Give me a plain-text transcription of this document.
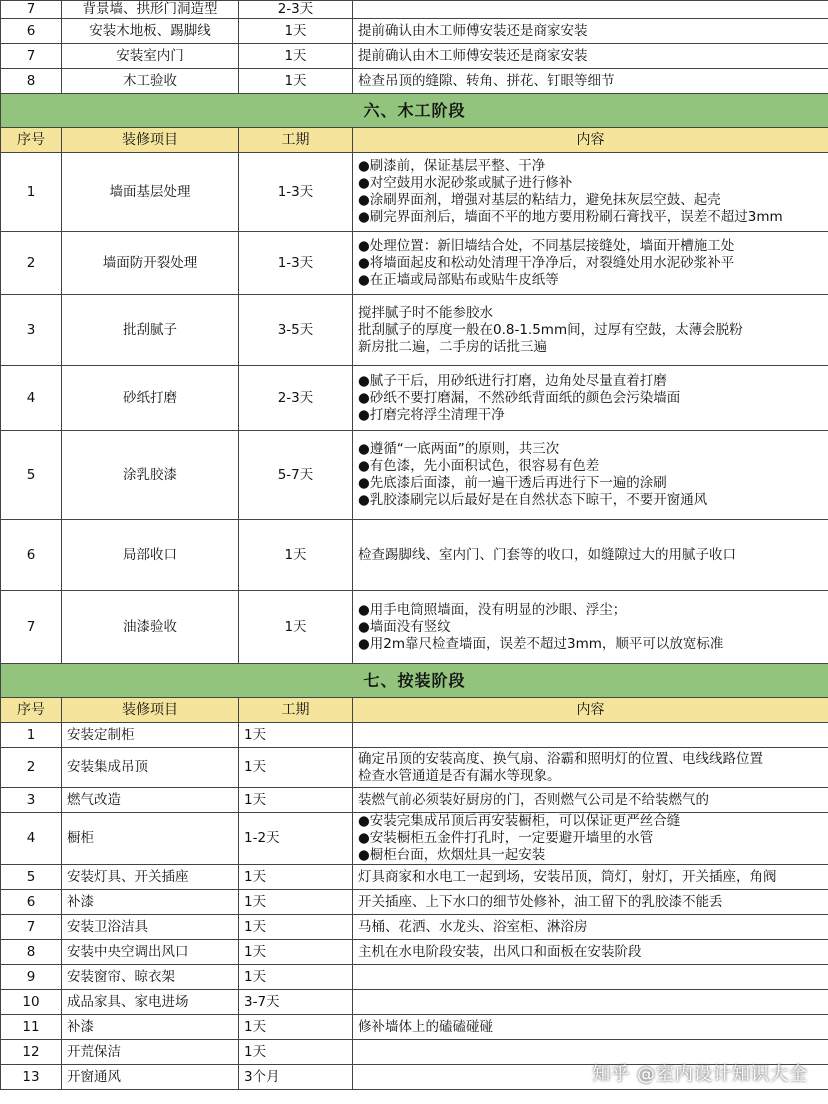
7	背景墙、拱形门洞造型	2-3天	
6	安装木地板、踢脚线	1天	提前确认由木工师傅安装还是商家安装

7	安装室内门	1天	提前确认由木工师傅安装还是商家安装

8	木工验收	1天	检查吊顶的缝隙、转角、拼花、钉眼等细节

六、木工阶段			
序号	装修项目	工期	内容
1	墙面基层处理	1-3天	●刷漆前，保证基层平整、干净
●对空鼓用水泥砂浆或腻子进行修补
●涂刷界面剂，增强对基层的粘结力，避免抹灰层空鼓、起壳
●刷完界面剂后，墙面不平的地方要用粉刷石膏找平，误差不超过3mm

2	墙面防开裂处理	1-3天	●处理位置：新旧墙结合处，不同基层接缝处，墙面开槽施工处
●将墙面起皮和松动处清理干净净后，对裂缝处用水泥砂浆补平
●在正墙或局部贴布或贴牛皮纸等

3	批刮腻子	3-5天	搅拌腻子时不能参胶水
批刮腻子的厚度一般在0.8-1.5mm间，过厚有空鼓，太薄会脱粉
新房批二遍，二手房的话批三遍

4	砂纸打磨	2-3天	●腻子干后，用砂纸进行打磨，边角处尽量直着打磨
●砂纸不要打磨漏，不然砂纸背面纸的颜色会污染墙面
●打磨完将浮尘清理干净

5	涂乳胶漆	5-7天	●遵循“一底两面”的原则，共三次
●有色漆，先小面积试色，很容易有色差
●先底漆后面漆，前一遍干透后再进行下一遍的涂刷
●乳胶漆刷完以后最好是在自然状态下晾干，不要开窗通风

6	局部收口	1天	检查踢脚线、室内门、门套等的收口，如缝隙过大的用腻子收口

7	油漆验收	1天	●用手电筒照墙面，没有明显的沙眼、浮尘；
●墙面没有竖纹
●用2m靠尺检查墙面，误差不超过3mm，顺平可以放宽标准

七、按装阶段			
序号	装修项目	工期	内容
1	安装定制柜	1天	
2	安装集成吊顶	1天	确定吊顶的安装高度、换气扇、浴霸和照明灯的位置、电线线路位置
检查水管通道是否有漏水等现象。

3	燃气改造	1天	装燃气前必须装好厨房的门，否则燃气公司是不给装燃气的

4	橱柜	1-2天	●安装完集成吊顶后再安装橱柜，可以保证更严丝合缝
●安装橱柜五金件打孔时，一定要避开墙里的水管
●橱柜台面，炊烟灶具一起安装

5	安装灯具、开关插座	1天	灯具商家和水电工一起到场，安装吊顶，筒灯，射灯，开关插座，角阀

6	补漆	1天	开关插座、上下水口的细节处修补，油工留下的乳胶漆不能丢

7	安装卫浴洁具	1天	马桶、花洒、水龙头、浴室柜、淋浴房

8	安装中央空调出风口	1天	主机在水电阶段安装，出风口和面板在安装阶段

9	安装窗帘、晾衣架	1天	
10	成品家具、家电进场	3-7天	
11	补漆	1天	修补墙体上的磕磕碰碰

12	开荒保洁	1天	
13	开窗通风	3个月		知乎 @室内设计知识大全
